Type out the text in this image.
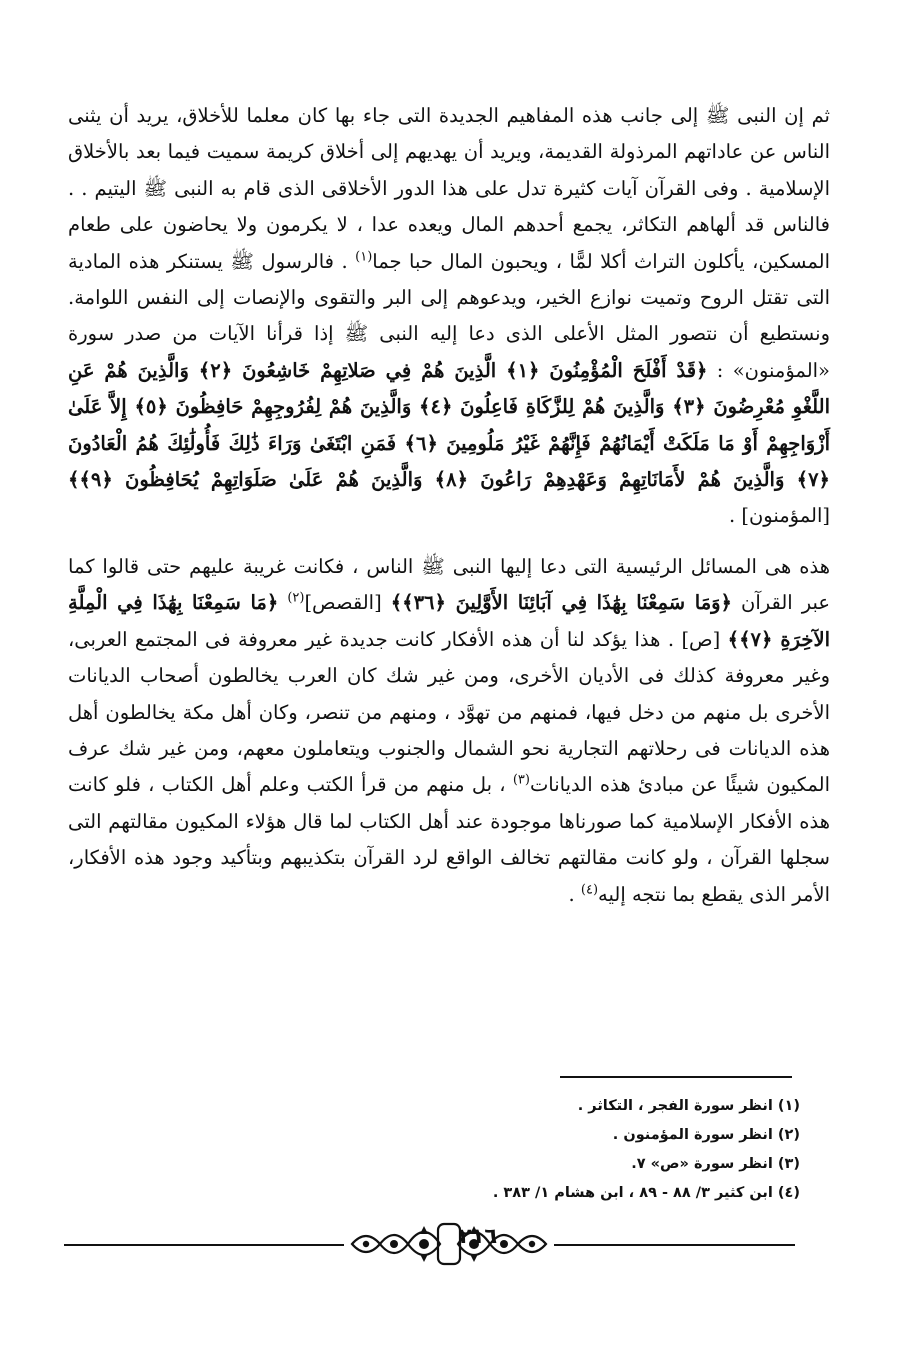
ثم إن النبى ﷺ إلى جانب هذه المفاهيم الجديدة التى جاء بها كان معلما للأخلاق، يريد أن يثنى الناس عن عاداتهم المرذولة القديمة، ويريد أن يهديهم إلى أخلاق كريمة سميت فيما بعد بالأخلاق الإسلامية . وفى القرآن آيات كثيرة تدل على هذا الدور الأخلاقى الذى قام به النبى ﷺ اليتيم . . فالناس قد ألهاهم التكاثر، يجمع أحدهم المال ويعده عدا ، لا يكرمون ولا يحاضون على طعام المسكين، يأكلون التراث أكلا لمًّا ، ويحبون المال حبا جما$^{(١)}$ . فالرسول ﷺ يستنكر هذه المادية التى تقتل الروح وتميت نوازع الخير، ويدعوهم إلى البر والتقوى والإنصات إلى النفس اللوامة. ونستطيع أن نتصور المثل الأعلى الذى دعا إليه النبى ﷺ إذا قرأنا الآيات من صدر سورة «المؤمنون» : ﴿قَدْ أَفْلَحَ الْمُؤْمِنُونَ ﴿١﴾ الَّذِينَ هُمْ فِي صَلاتِهِمْ خَاشِعُونَ ﴿٢﴾ وَالَّذِينَ هُمْ عَنِ اللَّغْوِ مُعْرِضُونَ ﴿٣﴾ وَالَّذِينَ هُمْ لِلزَّكَاةِ فَاعِلُونَ ﴿٤﴾ وَالَّذِينَ هُمْ لِفُرُوجِهِمْ حَافِظُونَ ﴿٥﴾ إِلاَّ عَلَىٰ أَزْوَاجِهِمْ أَوْ مَا مَلَكَتْ أَيْمَانُهُمْ فَإِنَّهُمْ غَيْرُ مَلُومِينَ ﴿٦﴾ فَمَنِ ابْتَغَىٰ وَرَاءَ ذَٰلِكَ فَأُولَٰئِكَ هُمُ الْعَادُونَ ﴿٧﴾ وَالَّذِينَ هُمْ لأَمَانَاتِهِمْ وَعَهْدِهِمْ رَاعُونَ ﴿٨﴾ وَالَّذِينَ هُمْ عَلَىٰ صَلَوَاتِهِمْ يُحَافِظُونَ ﴿٩﴾﴾ [المؤمنون] .

هذه هى المسائل الرئيسية التى دعا إليها النبى ﷺ الناس ، فكانت غريبة عليهم حتى قالوا كما عبر القرآن ﴿وَمَا سَمِعْنَا بِهَٰذَا فِي آبَائِنَا الأَوَّلِينَ ﴿٣٦﴾﴾ [القصص]$^{(٢)}$ ﴿مَا سَمِعْنَا بِهَٰذَا فِي الْمِلَّةِ الآخِرَةِ ﴿٧﴾﴾ [ص] . هذا يؤكد لنا أن هذه الأفكار كانت جديدة غير معروفة فى المجتمع العربى، وغير معروفة كذلك فى الأديان الأخرى، ومن غير شك كان العرب يخالطون أصحاب الديانات الأخرى بل منهم من دخل فيها، فمنهم من تهوَّد ، ومنهم من تنصر، وكان أهل مكة يخالطون أهل هذه الديانات فى رحلاتهم التجارية نحو الشمال والجنوب ويتعاملون معهم، ومن غير شك عرف المكيون شيئًا عن مبادئ هذه الديانات$^{(٣)}$ ، بل منهم من قرأ الكتب وعلم أهل الكتاب ، فلو كانت هذه الأفكار الإسلامية كما صورناها موجودة عند أهل الكتاب لما قال هؤلاء المكيون مقالتهم التى سجلها القرآن ، ولو كانت مقالتهم تخالف الواقع لرد القرآن بتكذيبهم وبتأكيد وجود هذه الأفكار، الأمر الذى يقطع بما نتجه إليه$^{(٤)}$ .

(١) انظر سورة الفجر ، التكاثر .

(٢) انظر سورة المؤمنون .

(٣) انظر سورة «ص» ٧.

(٤) ابن كثير ٣/ ٨٨ - ٨٩ ، ابن هشام ١/ ٣٨٣ .

٢١٦
